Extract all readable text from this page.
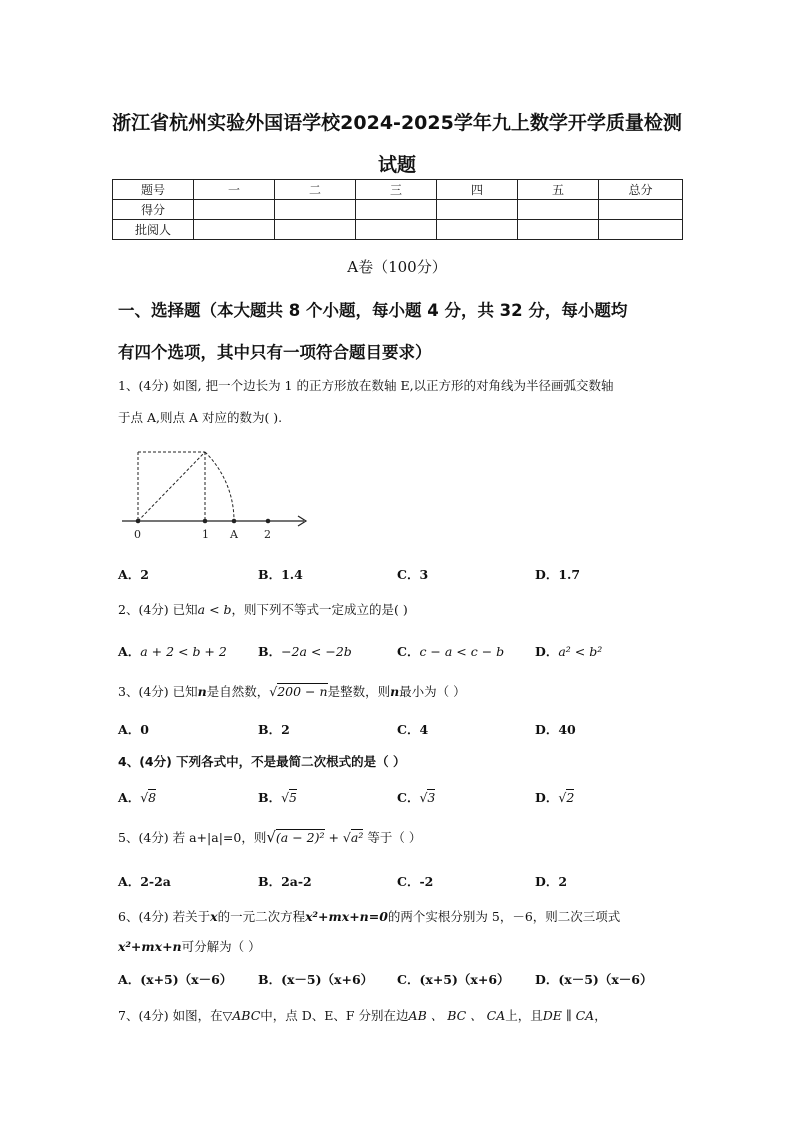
浙江省杭州实验外国语学校2024-2025学年九上数学开学质量检测
试题
题号	一	二	三	四	五	总分
得分						
批阅人						
A卷（100分）
一、选择题（本大题共 8 个小题，每小题 4 分，共 32 分，每小题均
有四个选项，其中只有一项符合题目要求）
1、(4分) 如图, 把一个边长为 1 的正方形放在数轴 E,以正方形的对角线为半径画弧交数轴
于点 A,则点 A 对应的数为( ).
0	1 A 2
A．2	B．1.4	C．3	D．1.7
2、(4分) 已知a < b，则下列不等式一定成立的是( )
A．a + 2 < b + 2 B．−2a < −2b	C．c − a < c − b D．a² < b²
3、(4分) 已知n是自然数，√200 − n是整数，则n最小为（ ）
A．0	B．2	C．4	D．40
4、(4分) 下列各式中，不是最简二次根式的是（ ）
A．√8	B．√5	C．√3	D．√2
5、(4分) 若 a+|a|=0，则√(a − 2)² + √a² 等于（ ）
A．2-2a	B．2a-2	C．-2	D．2
6、(4分) 若关于x的一元二次方程x²+mx+n=0的两个实根分别为 5，－6，则二次三项式
x²+mx+n可分解为（ ）
A．(x+5)（x－6） B．(x－5)（x+6） C．(x+5)（x+6） D．(x－5)（x－6）
7、(4分) 如图，在▽ABC中，点 D、E、F 分别在边AB 、 BC 、 CA上，且DE ∥ CA，
